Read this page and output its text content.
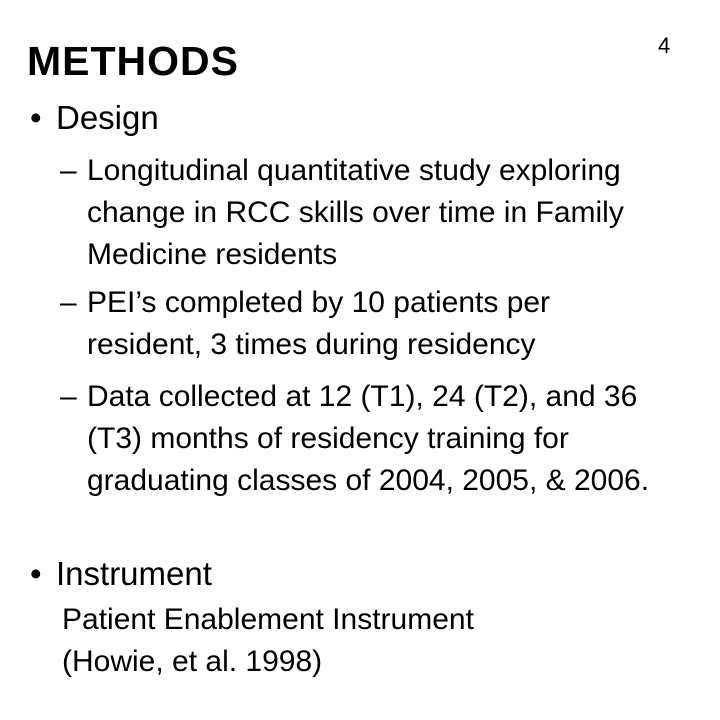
METHODS	4
• Design
– Longitudinal quantitative study exploring change in RCC skills over time in Family Medicine residents
– PEI’s completed by 10 patients per resident, 3 times during residency
– Data collected at 12 (T1), 24 (T2), and 36 (T3) months of residency training for graduating classes of 2004, 2005, & 2006.
• Instrument
Patient Enablement Instrument
(Howie, et al. 1998)
